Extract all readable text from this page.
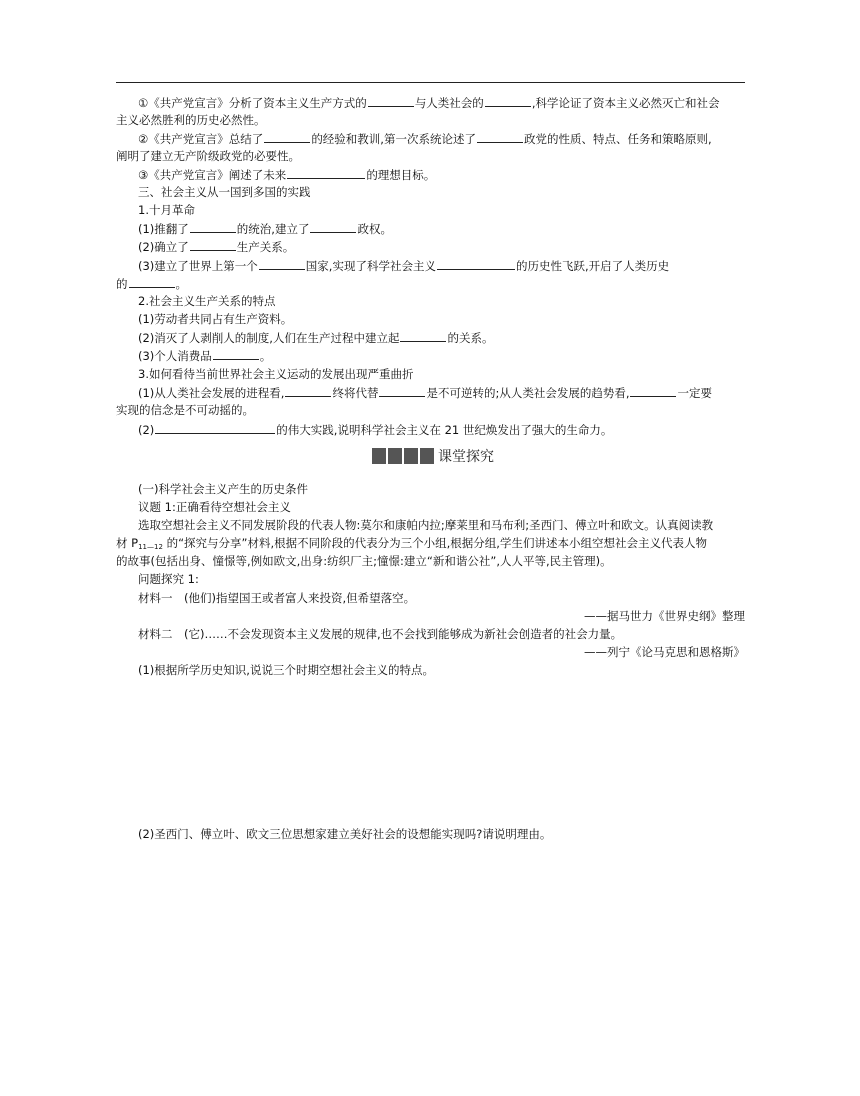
①《共产党宣言》分析了资本主义生产方式的	与人类社会的	,科学论证了资本主义必然灭亡和社会
主义必然胜利的历史必然性。
②《共产党宣言》总结了	的经验和教训,第一次系统论述了	政党的性质、特点、任务和策略原则,
阐明了建立无产阶级政党的必要性。
③《共产党宣言》阐述了未来	的理想目标。
三、社会主义从一国到多国的实践
1.十月革命
(1)推翻了	的统治,建立了	政权。
(2)确立了	生产关系。
(3)建立了世界上第一个	国家,实现了科学社会主义	的历史性飞跃,开启了人类历史
的	。
2.社会主义生产关系的特点
(1)劳动者共同占有生产资料。
(2)消灭了人剥削人的制度,人们在生产过程中建立起	的关系。
(3)个人消费品	。
3.如何看待当前世界社会主义运动的发展出现严重曲折
(1)从人类社会发展的进程看,	终将代替	是不可逆转的;从人类社会发展的趋势看,	一定要
实现的信念是不可动摇的。
(2)	的伟大实践,说明科学社会主义在 21 世纪焕发出了强大的生命力。
课堂探究
(一)科学社会主义产生的历史条件
议题 1:正确看待空想社会主义
选取空想社会主义不同发展阶段的代表人物:莫尔和康帕内拉;摩莱里和马布利;圣西门、傅立叶和欧文。认真阅读教
材 $P_{11—12}$ 的“探究与分享”材料,根据不同阶段的代表分为三个小组,根据分组,学生们讲述本小组空想社会主义代表人物
的故事(包括出身、憧憬等,例如欧文,出身:纺织厂主;憧憬:建立“新和谐公社”,人人平等,民主管理)。
问题探究 1:
材料一　(他们)指望国王或者富人来投资,但希望落空。
——据马世力《世界史纲》整理
材料二　(它)……不会发现资本主义发展的规律,也不会找到能够成为新社会创造者的社会力量。
——列宁《论马克思和恩格斯》
(1)根据所学历史知识,说说三个时期空想社会主义的特点。
(2)圣西门、傅立叶、欧文三位思想家建立美好社会的设想能实现吗?请说明理由。
